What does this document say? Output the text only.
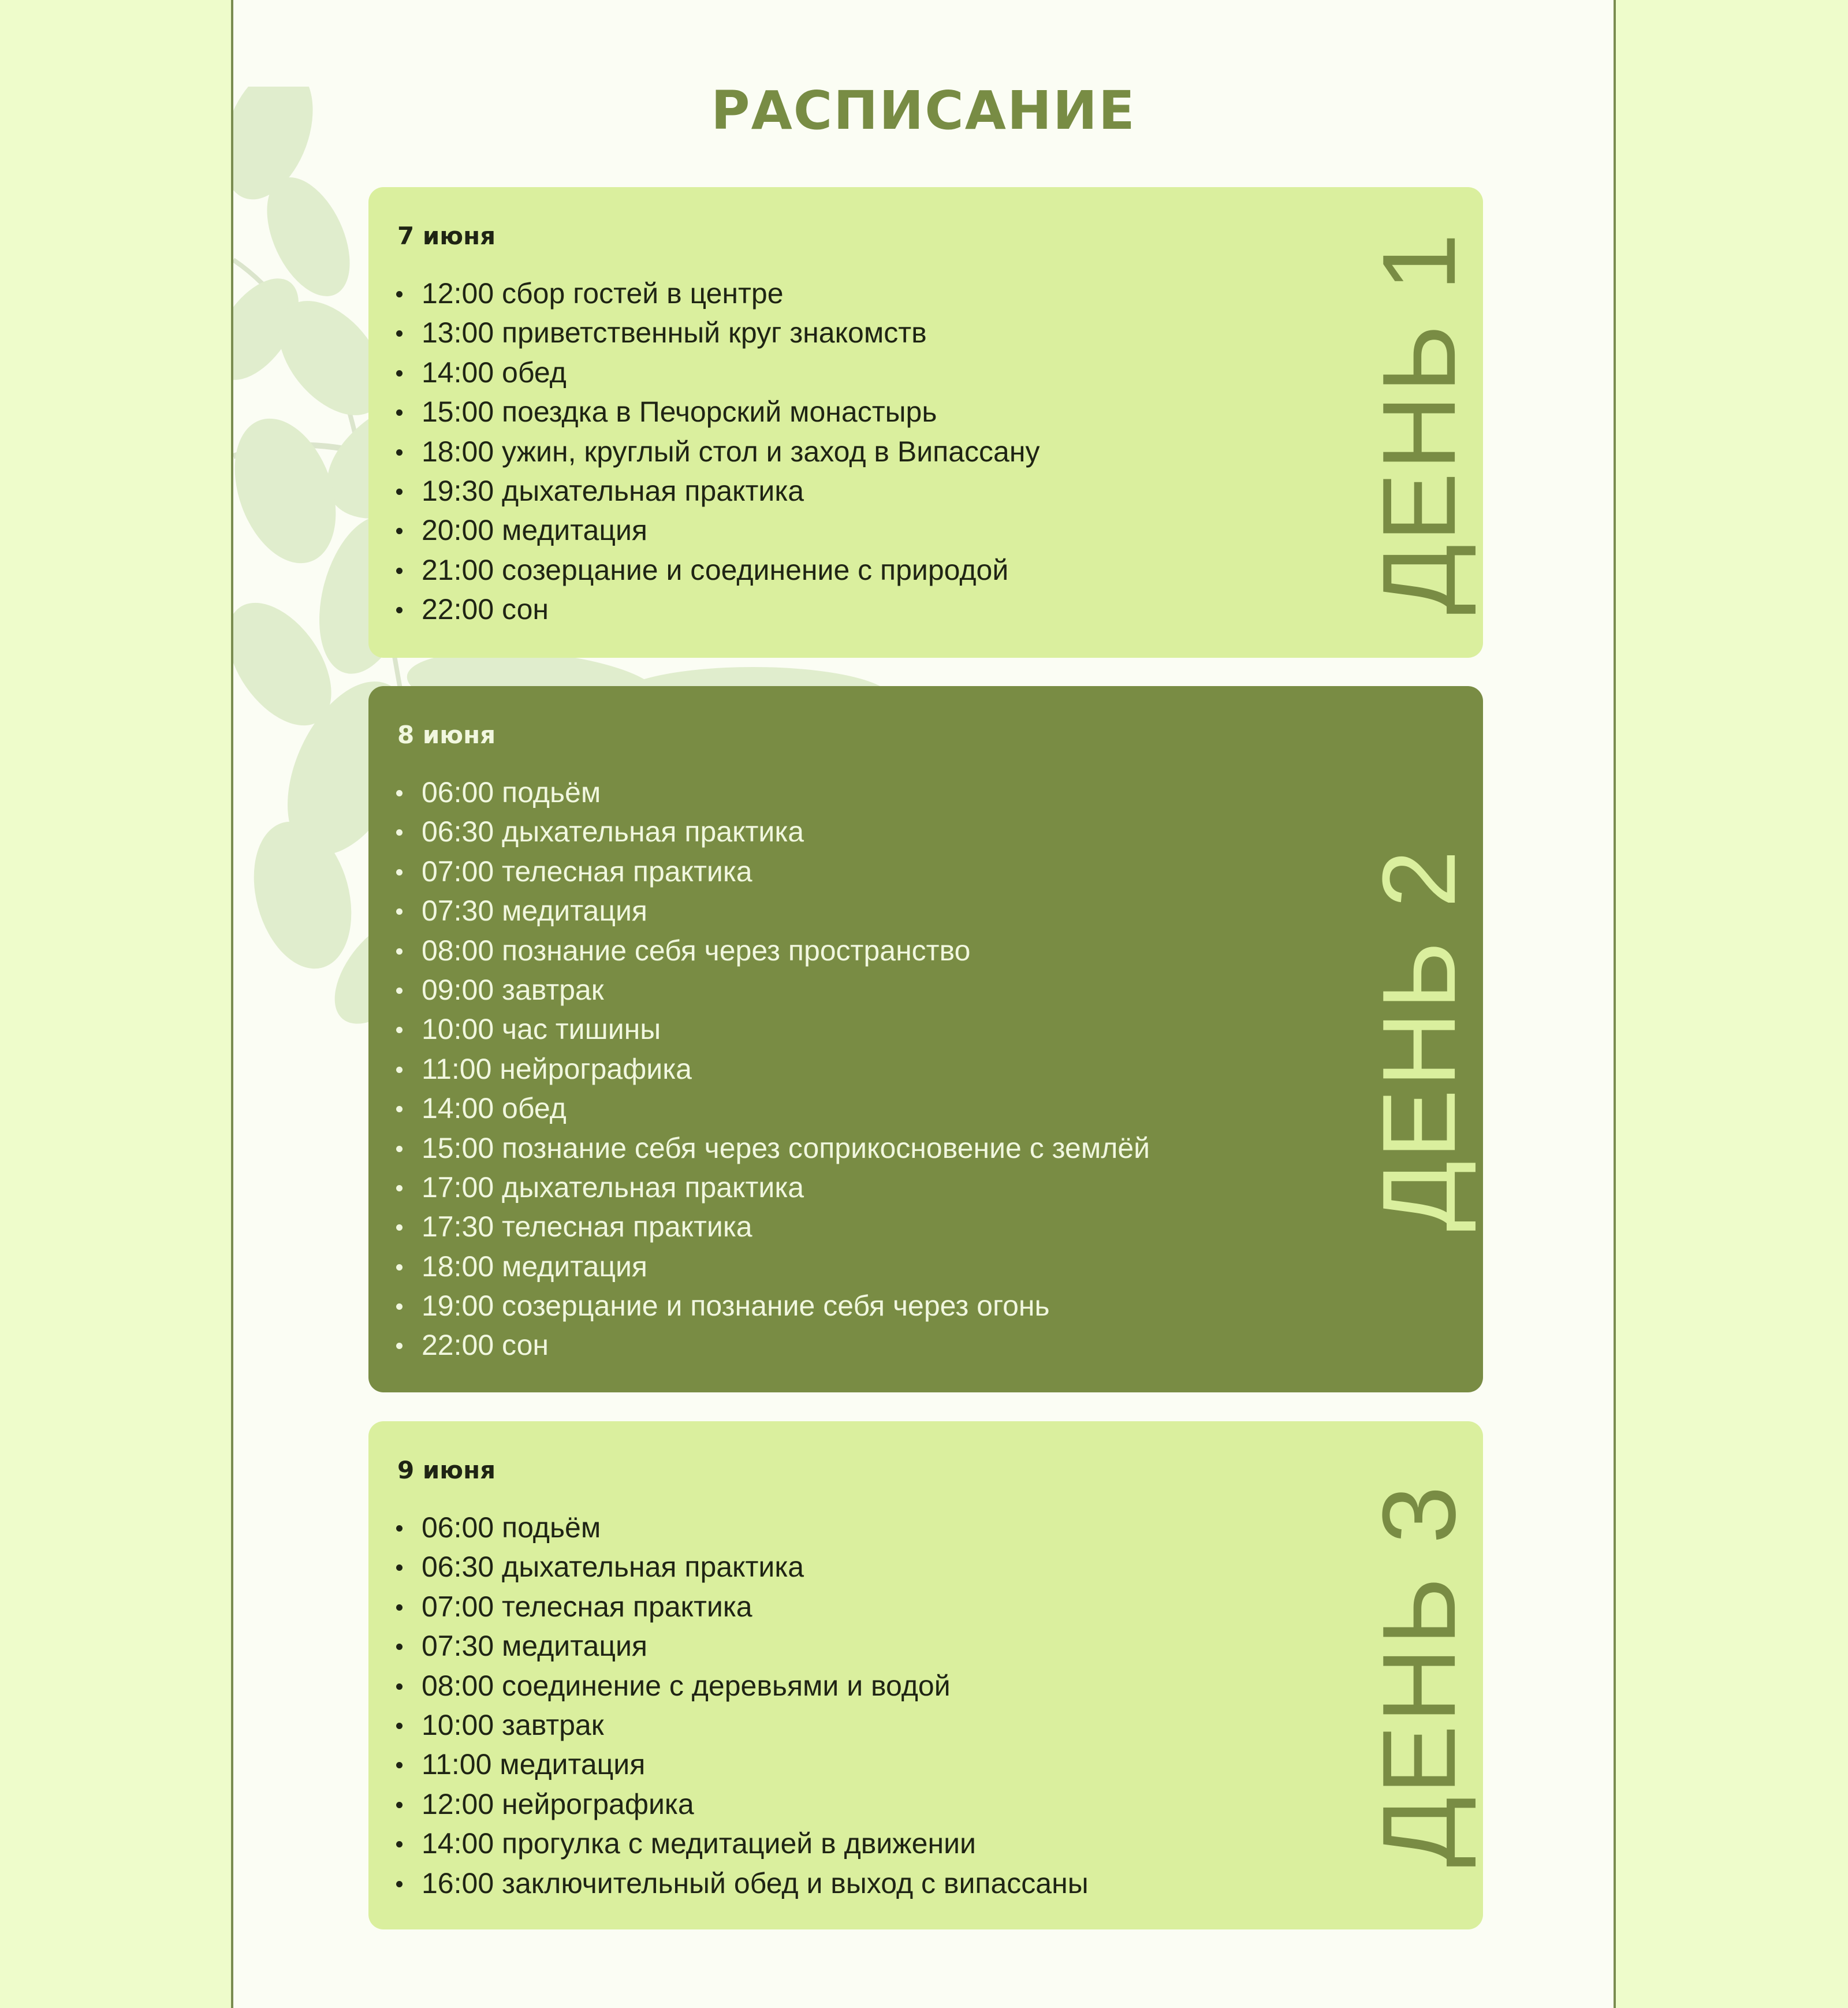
РАСПИСАНИЕ
7 июня
12:00 сбор гостей в центре
13:00 приветственный круг знакомств
14:00 обед
15:00 поездка в Печорский монастырь
18:00 ужин, круглый стол и заход в Випассану
19:30 дыхательная практика
20:00 медитация
21:00 созерцание и соединение с природой
22:00 сон	ДЕНЬ 1
8 июня
06:00 подьём
06:30 дыхательная практика
07:00 телесная практика
07:30 медитация
08:00 познание себя через пространство
09:00 завтрак
10:00 час тишины
11:00 нейрографика
14:00 обед
15:00 познание себя через соприкосновение с землёй
17:00 дыхательная практика
17:30 телесная практика
18:00 медитация
19:00 созерцание и познание себя через огонь
22:00 сон
ДЕНЬ 2
9 июня
06:00 подьём
06:30 дыхательная практика
07:00 телесная практика
07:30 медитация
08:00 соединение с деревьями и водой
10:00 завтрак
11:00 медитация
12:00 нейрографика
14:00 прогулка с медитацией в движении
16:00 заключительный обед и выход с випассаны
ДЕНЬ 3
